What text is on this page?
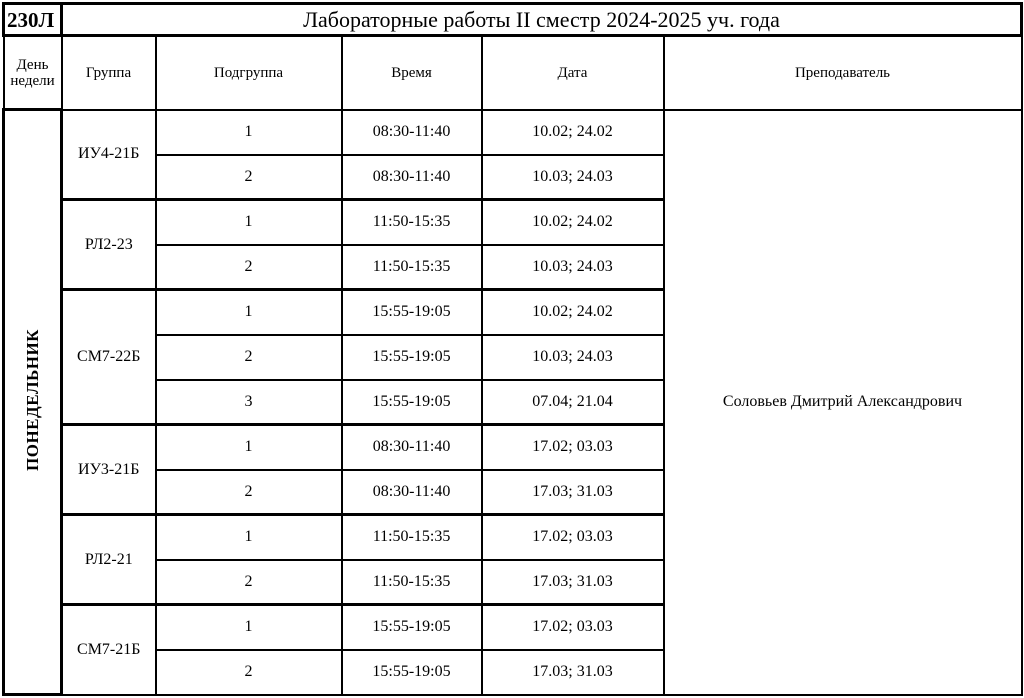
230Л	Лабораторные работы II сместр 2024-2025 уч. года				
День недели	Группа	Подгруппа	Время	Дата	Преподаватель
ПОНЕДЕЛЬНИК	ИУ4-21Б	1	08:30-11:40	10.02; 24.02	Соловьев Дмитрий Александрович
		2	08:30-11:40	10.03; 24.03	
	РЛ2-23	1	11:50-15:35	10.02; 24.02	
		2	11:50-15:35	10.03; 24.03	
	СМ7-22Б	1	15:55-19:05	10.02; 24.02	
		2	15:55-19:05	10.03; 24.03	
		3	15:55-19:05	07.04; 21.04	
	ИУ3-21Б	1	08:30-11:40	17.02; 03.03	
		2	08:30-11:40	17.03; 31.03	
	РЛ2-21	1	11:50-15:35	17.02; 03.03	
		2	11:50-15:35	17.03; 31.03	
	СМ7-21Б	1	15:55-19:05	17.02; 03.03	
		2	15:55-19:05	17.03; 31.03	
